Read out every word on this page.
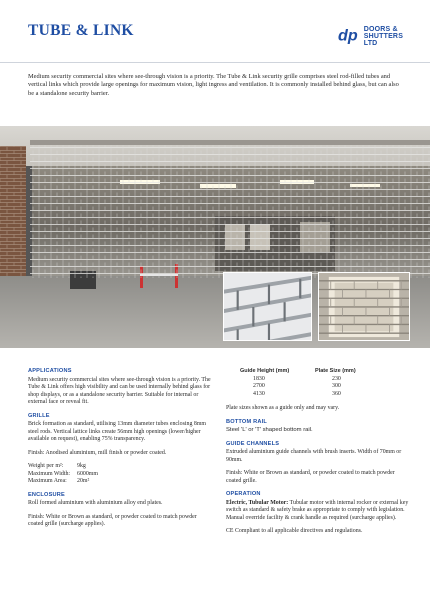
TUBE & LINK	dp DOORS &
SHUTTERS LTD
Medium security commercial sites where see-through vision is a priority. The Tube & Link security grille comprises steel rod-filled tubes and vertical links which provide large openings for maximum vision, light ingress and ventilation. It is commonly installed behind glass, but can also be a standalone security barrier.
APPLICATIONS
Medium security commercial sites where see-through vision is a priority. The Tube & Link offers high visibility and can be used internally behind glass for shop displays, or as a standalone security barrier. Suitable for internal or external face or reveal fit.
GRILLE
Brick formation as standard, utilising 13mm diameter tubes enclosing 8mm steel rods. Vertical lattice links create 56mm high openings (lower/higher available on request), enabling 75% transparency.
Finish: Anodised aluminium, mill finish or powder coated.
Weight per m²:	9kg
Maximum Width:	6000mm
Maximum Area:	20m²
ENCLOSURE
Roll formed aluminium with aluminium alloy end plates.
Finish: White or Brown as standard, or powder coated to match powder coated grille (surcharge applies).
Guide Height (mm)	Plate Size (mm)
1830	230
2700	300
4130	360
Plate sizes shown as a guide only and may vary.
BOTTOM RAIL
Steel 'L' or 'T' shaped bottom rail.
GUIDE CHANNELS
Extruded aluminium guide channels with brush inserts. Width of 70mm or 90mm.
Finish: White or Brown as standard, or powder coated to match powder coated grille.
OPERATION
Electric, Tubular Motor: Tubular motor with internal rocker or external key switch as standard & safety brake as appropriate to comply with legislation. Manual override facility & crank handle as required (surcharge applies).
CE Compliant to all applicable directives and regulations.
